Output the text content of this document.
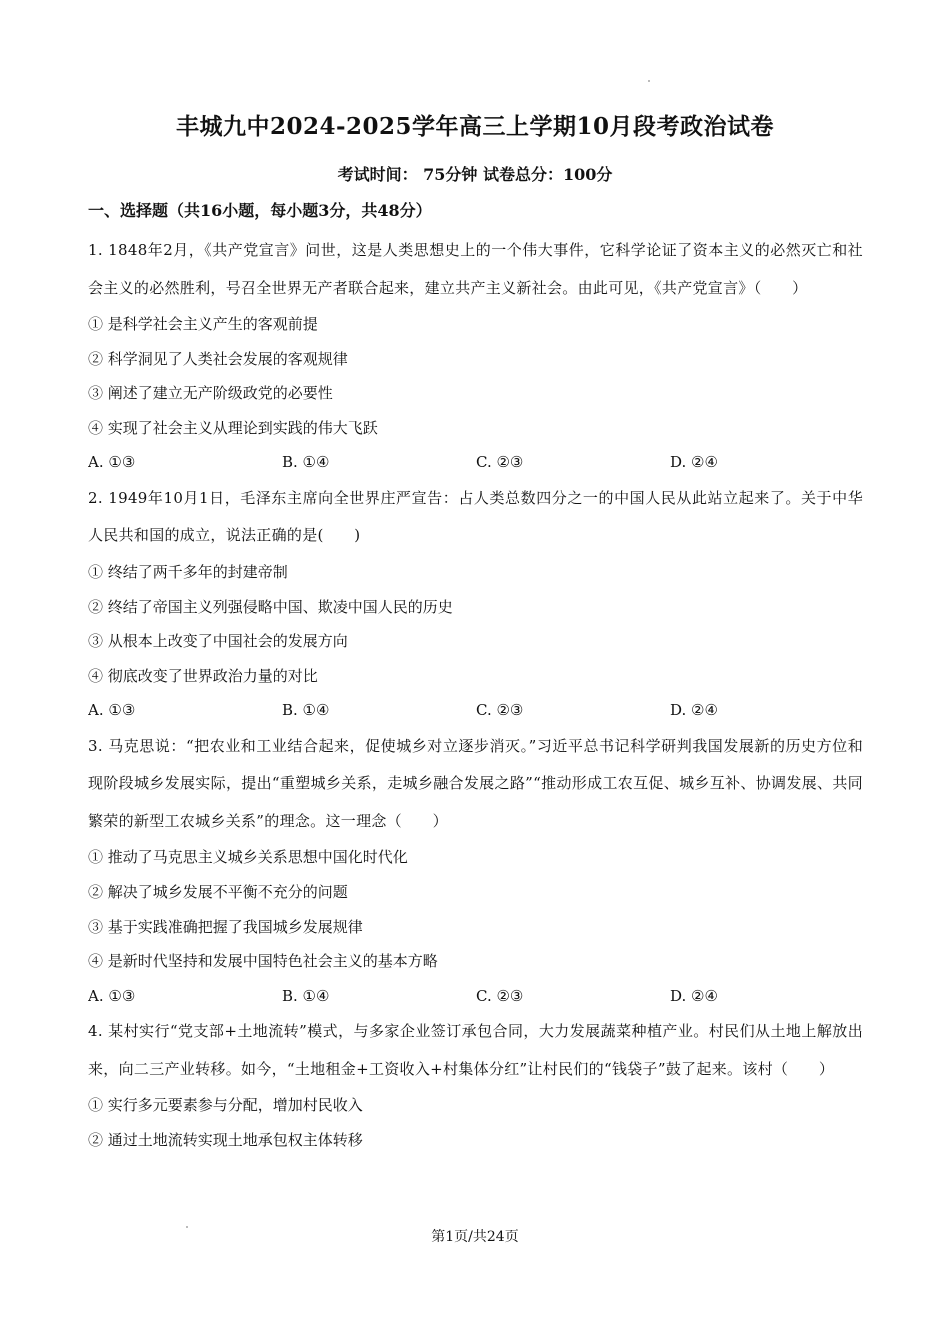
丰城九中2024-2025学年高三上学期10月段考政治试卷
考试时间： 75分钟 试卷总分：100分
一、选择题（共16小题，每小题3分，共48分）
1. 1848年2月，《共产党宣言》问世，这是人类思想史上的一个伟大事件，它科学论证了资本主义的必然灭亡和社会主义的必然胜利，号召全世界无产者联合起来，建立共产主义新社会。由此可见，《共产党宣言》（　　）
① 是科学社会主义产生的客观前提
② 科学洞见了人类社会发展的客观规律
③ 阐述了建立无产阶级政党的必要性
④ 实现了社会主义从理论到实践的伟大飞跃
A. ①③	B. ①④	C. ②③	D. ②④
2. 1949年10月1日，毛泽东主席向全世界庄严宣告：占人类总数四分之一的中国人民从此站立起来了。关于中华人民共和国的成立，说法正确的是(　　)
① 终结了两千多年的封建帝制
② 终结了帝国主义列强侵略中国、欺凌中国人民的历史
③ 从根本上改变了中国社会的发展方向
④ 彻底改变了世界政治力量的对比
A. ①③	B. ①④	C. ②③	D. ②④
3. 马克思说：“把农业和工业结合起来，促使城乡对立逐步消灭。”习近平总书记科学研判我国发展新的历史方位和现阶段城乡发展实际，提出“重塑城乡关系，走城乡融合发展之路”“推动形成工农互促、城乡互补、协调发展、共同繁荣的新型工农城乡关系”的理念。这一理念（　　）
① 推动了马克思主义城乡关系思想中国化时代化
② 解决了城乡发展不平衡不充分的问题
③ 基于实践准确把握了我国城乡发展规律
④ 是新时代坚持和发展中国特色社会主义的基本方略
A. ①③	B. ①④	C. ②③	D. ②④
4. 某村实行“党支部+土地流转”模式，与多家企业签订承包合同，大力发展蔬菜种植产业。村民们从土地上解放出来，向二三产业转移。如今，“土地租金+工资收入+村集体分红”让村民们的“钱袋子”鼓了起来。该村（　　）
① 实行多元要素参与分配，增加村民收入
② 通过土地流转实现土地承包权主体转移
第1页/共24页
